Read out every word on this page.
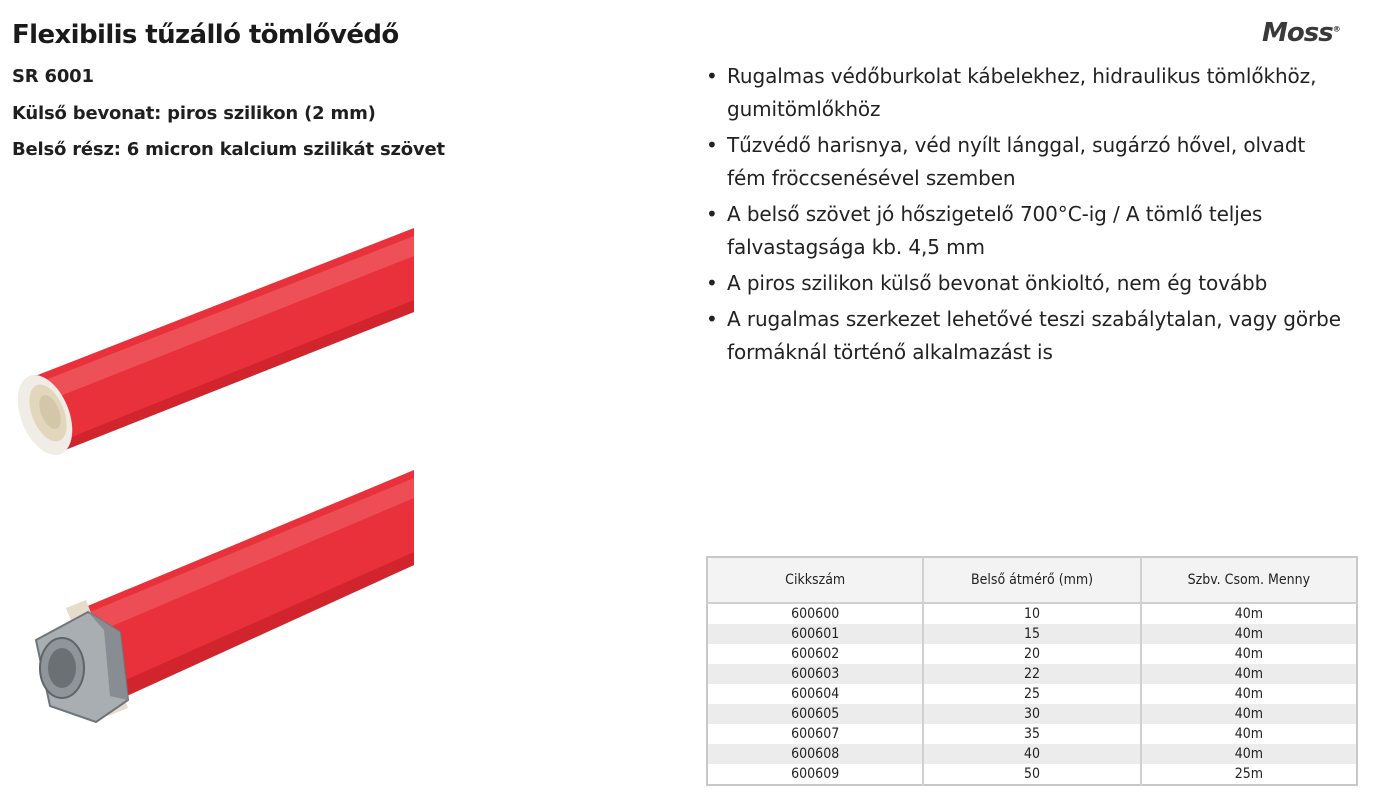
Flexibilis tűzálló tömlővédő
SR 6001
Külső bevonat: piros szilikon (2 mm)
Belső rész: 6 micron kalcium szilikát szövet
Moss®
• Rugalmas védőburkolat kábelekhez, hidraulikus tömlőkhöz, gumitömlőkhöz
• Tűzvédő harisnya, véd nyílt lánggal, sugárzó hővel, olvadt fém fröccsenésével szemben
• A belső szövet jó hőszigetelő 700°C-ig / A tömlő teljes falvastagsága kb. 4,5 mm
• A piros szilikon külső bevonat önkioltó, nem ég tovább
• A rugalmas szerkezet lehetővé teszi szabálytalan, vagy görbe formáknál történő alkalmazást is
Cikkszám	Belső átmérő (mm)	Szbv. Csom. Menny
600600	10	40m
600601	15	40m
600602	20	40m
600603	22	40m
600604	25	40m
600605	30	40m
600607	35	40m
600608	40	40m
600609	50	25m
